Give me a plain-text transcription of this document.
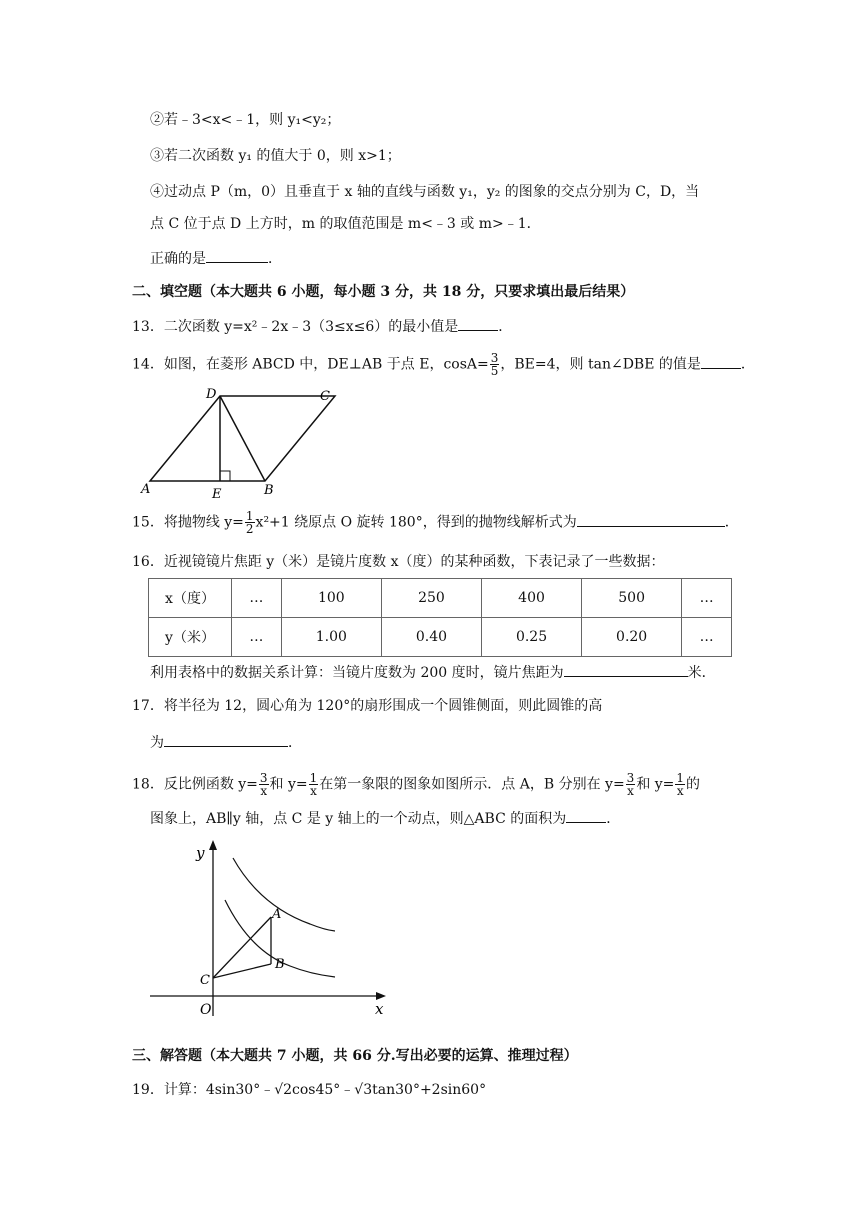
②若﹣3<x<﹣1，则 y₁<y₂；
③若二次函数 y₁ 的值大于 0，则 x>1；
④过动点 P（m，0）且垂直于 x 轴的直线与函数 y₁，y₂ 的图象的交点分别为 C，D，当
点 C 位于点 D 上方时，m 的取值范围是 m<﹣3 或 m>﹣1．
正确的是	．
二、填空题（本大题共 6 小题，每小题 3 分，共 18 分，只要求填出最后结果）
13．二次函数 y=x²﹣2x﹣3（3≤x≤6）的最小值是	．
14．如图，在菱形 ABCD 中，DE⊥AB 于点 E，$\cos A= \frac{3}{5}$ ，BE=4，则 tan∠DBE 的值是	．
A	B
C
D
E
15．将抛物线 $y= \frac{1}{2} x^2+1$ 绕原点 O 旋转 180°，得到的抛物线解析式为	．
16．近视镜镜片焦距 y（米）是镜片度数 x（度）的某种函数，下表记录了一些数据：
x（度）	…	100	250	400	500	…
y（米）	…	1.00	0.40	0.25	0.20	…
利用表格中的数据关系计算：当镜片度数为 200 度时，镜片焦距为	米．
17．将半径为 12，圆心角为 120°的扇形围成一个圆锥侧面，则此圆锥的高
为	．
18．反比例函数 $y= \frac{3}{x}$ 和 $y= \frac{1}{x}$ 在第一象限的图象如图所示．点 A，B 分别在 $y= \frac{3}{x}$ 和 $y= \frac{1}{x}$ 的
图象上，AB∥y 轴，点 C 是 y 轴上的一个动点，则△ABC 的面积为	．
y
x
O
A
B
C
三、解答题（本大题共 7 小题，共 66 分.写出必要的运算、推理过程）
19．计算：4sin30°﹣√2cos45°﹣√3tan30°+2sin60°
